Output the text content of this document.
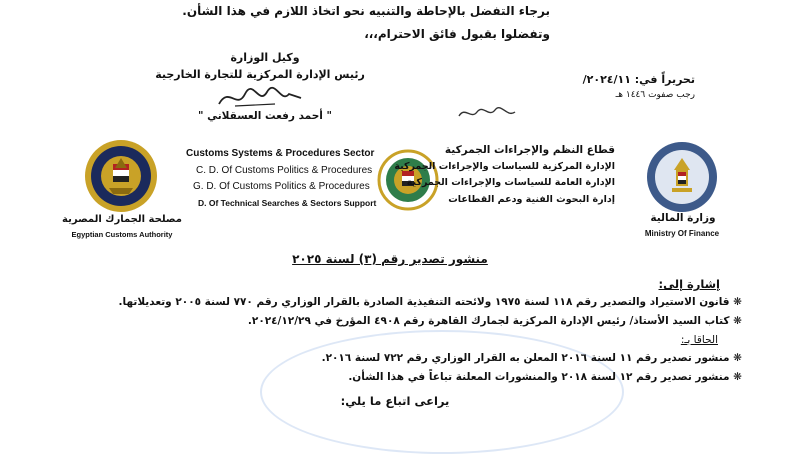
برجاء التفضل بالإحاطة والتنبيه نحو اتخاذ اللازم في هذا الشأن.
وتفضلوا بقبول فائق الاحترام،،،
وكيل الوزارة
رئيس الإدارة المركزية للتجارة الخارجية
" أحمد رفعت العسقلاني "
تحريراً في: ٢٠٢٤/١١/
رجب صفوت ١٤٤٦ هـ
مصلحة الجمارك المصرية
Egyptian Customs Authority
Customs Systems & Procedures Sector
C. D. Of Customs Politics & Procedures
G. D. Of Customs Politics & Procedures
D. Of Technical Searches & Sectors Support
قطاع النظم والإجراءات الجمركية
الإدارة المركزية للسياسات والإجراءات الجمركية
الإدارة العامة للسياسات والإجراءات الجمركية
إدارة البحوث الفنية ودعم القطاعات
وزارة المالية
Ministry Of Finance
منشور تصدير رقم (٣) لسنة ٢٠٢٥
إشارة إلى:
❋ قانون الاستيراد والتصدير رقم ١١٨ لسنة ١٩٧٥ ولائحته التنفيذية الصادرة بالقرار الوزاري رقم ٧٧٠ لسنة ٢٠٠٥ وتعديلاتها.
❋ كتاب السيد الأستاذ/ رئيس الإدارة المركزية لجمارك القاهرة رقم ٤٩٠٨ المؤرخ في ٢٠٢٤/١٢/٢٩.
الحاقا بـ:
❋ منشور تصدير رقم ١١ لسنة ٢٠١٦ المعلن به القرار الوزاري رقم ٧٢٢ لسنة ٢٠١٦.
❋ منشور تصدير رقم ١٢ لسنة ٢٠١٨ والمنشورات المعلنة تباعاً في هذا الشأن.
يراعى اتباع ما يلي:
